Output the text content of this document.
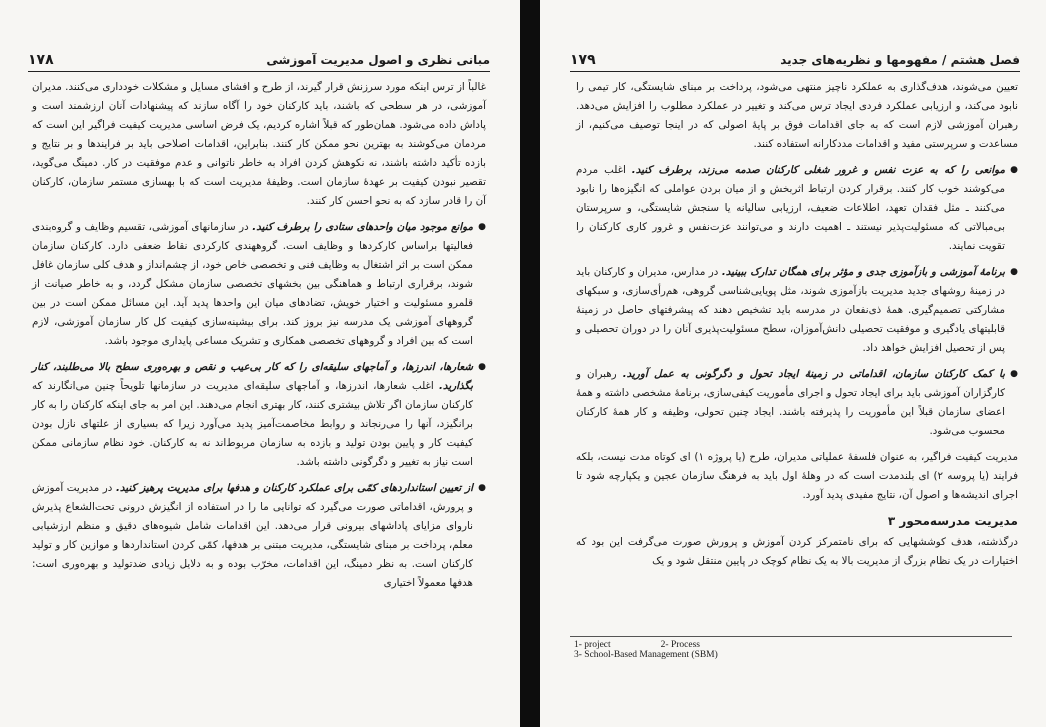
مبانی نظری و اصول مدیریت آموزشی
۱۷۸

غالباً از ترس اینکه مورد سرزنش قرار گیرند، از طرح و افشای مسایل و مشکلات خودداری می‌کنند. مدیران آموزشی، در هر سطحی که باشند، باید کارکنان خود را آگاه سازند که پیشنهادات آنان ارزشمند است و پاداش داده می‌شود. همان‌طور که قبلاً اشاره کردیم، یک فرض اساسی مدیریت کیفیت فراگیر این است که مردمان می‌کوشند به بهترین نحو ممکن کار کنند. بنابراین، اقدامات اصلاحی باید بر فرایندها و بر نتایج و بازده تأکید داشته باشند، نه نکوهش کردن افراد به خاطر ناتوانی و عدم موفقیت در کار. دمینگ می‌گوید، تقصیر نبودن کیفیت بر عهدهٔ سازمان است. وظیفهٔ مدیریت است که با بهسازی مستمر سازمان، کارکنان آن را قادر سازد که به نحو احسن کار کنند.

● موانع موجود میان واحدهای ستادی را برطرف کنید. در سازمانهای آموزشی، تقسیم وظایف و گروه‌بندی فعالیتها براساس کارکردها و وظایف است. گروههندی کارکردی نقاط ضعفی دارد. کارکنان سازمان ممکن است بر اثر اشتغال به وظایف فنی و تخصصی خاص خود، از چشم‌انداز و هدف کلی سازمان غافل شوند، برقراری ارتباط و هماهنگی بین بخشهای تخصصی سازمان مشکل گردد، و به خاطر صیانت از قلمرو مسئولیت و اختیار خویش، تضادهای میان این واحدها پدید آید. این مسائل ممکن است در بین گروههای آموزشی یک مدرسه نیز بروز کند. برای بیشینه‌سازی کیفیت کل کار سازمان آموزشی، لازم است که بین افراد و گروههای تخصصی همکاری و تشریک مساعی پایداری موجود باشد.

● شعارها، اندرزها، و آماجهای سلیقه‌ای را که کار بی‌عیب و نقص و بهره‌وری سطح بالا می‌طلبند، کنار بگذارید. اغلب شعارها، اندرزها، و آماجهای سلیقه‌ای مدیریت در سازمانها تلویحاً چنین می‌انگارند که کارکنان سازمان اگر تلاش بیشتری کنند، کار بهتری انجام می‌دهند. این امر به جای اینکه کارکنان را به کار برانگیزد، آنها را می‌رنجاند و روابط مخاصمت‌آمیز پدید می‌آورد زیرا که بسیاری از علتهای نازل بودن کیفیت کار و پایین بودن تولید و بازده به سازمان مربوط‌اند نه به کارکنان. خود نظام سازمانی ممکن است نیاز به تغییر و دگرگونی داشته باشد.

● از تعیین استانداردهای کمّی برای عملکرد کارکنان و هدفها برای مدیریت پرهیز کنید. در مدیریت آموزش و پرورش، اقداماتی صورت می‌گیرد که توانایی ما را در استفاده از انگیزش درونی تحت‌الشعاع پذیرش ناروای مزایای پاداشهای بیرونی قرار می‌دهد. این اقدامات شامل شیوه‌های دقیق و منظم ارزشیابی معلم، پرداخت بر مبنای شایستگی، مدیریت مبتنی بر هدفها، کمّی کردن استانداردها و موازین کار و تولید کارکنان است. به نظر دمینگ، این اقدامات، مخرّب بوده و به دلایل زیادی ضدتولید و بهره‌وری است: هدفها معمولاً اختیاری

فصل هشتم / مفهومها و نظریه‌های جدید
۱۷۹

تعیین می‌شوند، هدف‌گذاری به عملکرد ناچیز منتهی می‌شود، پرداخت بر مبنای شایستگی، کار تیمی را نابود می‌کند، و ارزیابی عملکرد فردی ایجاد ترس می‌کند و تغییر در عملکرد مطلوب را افزایش می‌دهد. رهبران آموزشی لازم است که به جای اقدامات فوق بر پایهٔ اصولی که در اینجا توصیف می‌کنیم، از مساعدت و سرپرستی مفید و اقدامات مددکارانه استفاده کنند.

● موانعی را که به عزت نفس و غرور شغلی کارکنان صدمه می‌زند، برطرف کنید. اغلب مردم می‌کوشند خوب کار کنند. برقرار کردن ارتباط اثربخش و از میان بردن عواملی که انگیزه‌ها را نابود می‌کنند ـ مثل فقدان تعهد، اطلاعات ضعیف، ارزیابی سالیانه یا سنجش شایستگی، و سرپرستان بی‌مبالاتی که مسئولیت‌پذیر نیستند ـ اهمیت دارند و می‌توانند عزت‌نفس و غرور کاری کارکنان را تقویت نمایند.

● برنامهٔ آموزشی و بازآموزی جدی و مؤثر برای همگان تدارک ببینید. در مدارس، مدیران و کارکنان باید در زمینهٔ روشهای جدید مدیریت بازآموزی شوند، مثل پویایی‌شناسی گروهی، هم‌رأی‌سازی، و سبکهای مشارکتی تصمیم‌گیری. همهٔ ذی‌نفعان در مدرسه باید تشخیص دهند که پیشرفتهای حاصل در زمینهٔ قابلیتهای یادگیری و موفقیت تحصیلی دانش‌آموزان، سطح مسئولیت‌پذیری آنان را در دوران تحصیلی و پس از تحصیل افزایش خواهد داد.

● با کمک کارکنان سازمان، اقداماتی در زمینهٔ ایجاد تحول و دگرگونی به عمل آورید. رهبران و کارگزاران آموزشی باید برای ایجاد تحول و اجرای مأموریت کیفی‌سازی، برنامهٔ مشخصی داشته و همهٔ اعضای سازمان قبلاً این مأموریت را پذیرفته باشند. ایجاد چنین تحولی، وظیفه و کار همهٔ کارکنان محسوب می‌شود.

مدیریت کیفیت فراگیر، به عنوان فلسفهٔ عملیاتی مدیران، طرح (یا پروژه ۱) ای کوتاه مدت نیست، بلکه فرایند (یا پروسه ۲) ای بلندمدت است که در وهلهٔ اول باید به فرهنگ سازمان عجین و یکپارچه شود تا اجرای اندیشه‌ها و اصول آن، نتایج مفیدی پدید آورد.

مدیریت مدرسه‌محور ۳

درگذشته، هدف کوششهایی که برای نامتمرکز کردن آموزش و پرورش صورت می‌گرفت این بود که اختیارات در یک نظام بزرگ از مدیریت بالا به یک نظام کوچک در پایین منتقل شود و یک

1- project	2- Process
3- School-Based Management (SBM)
